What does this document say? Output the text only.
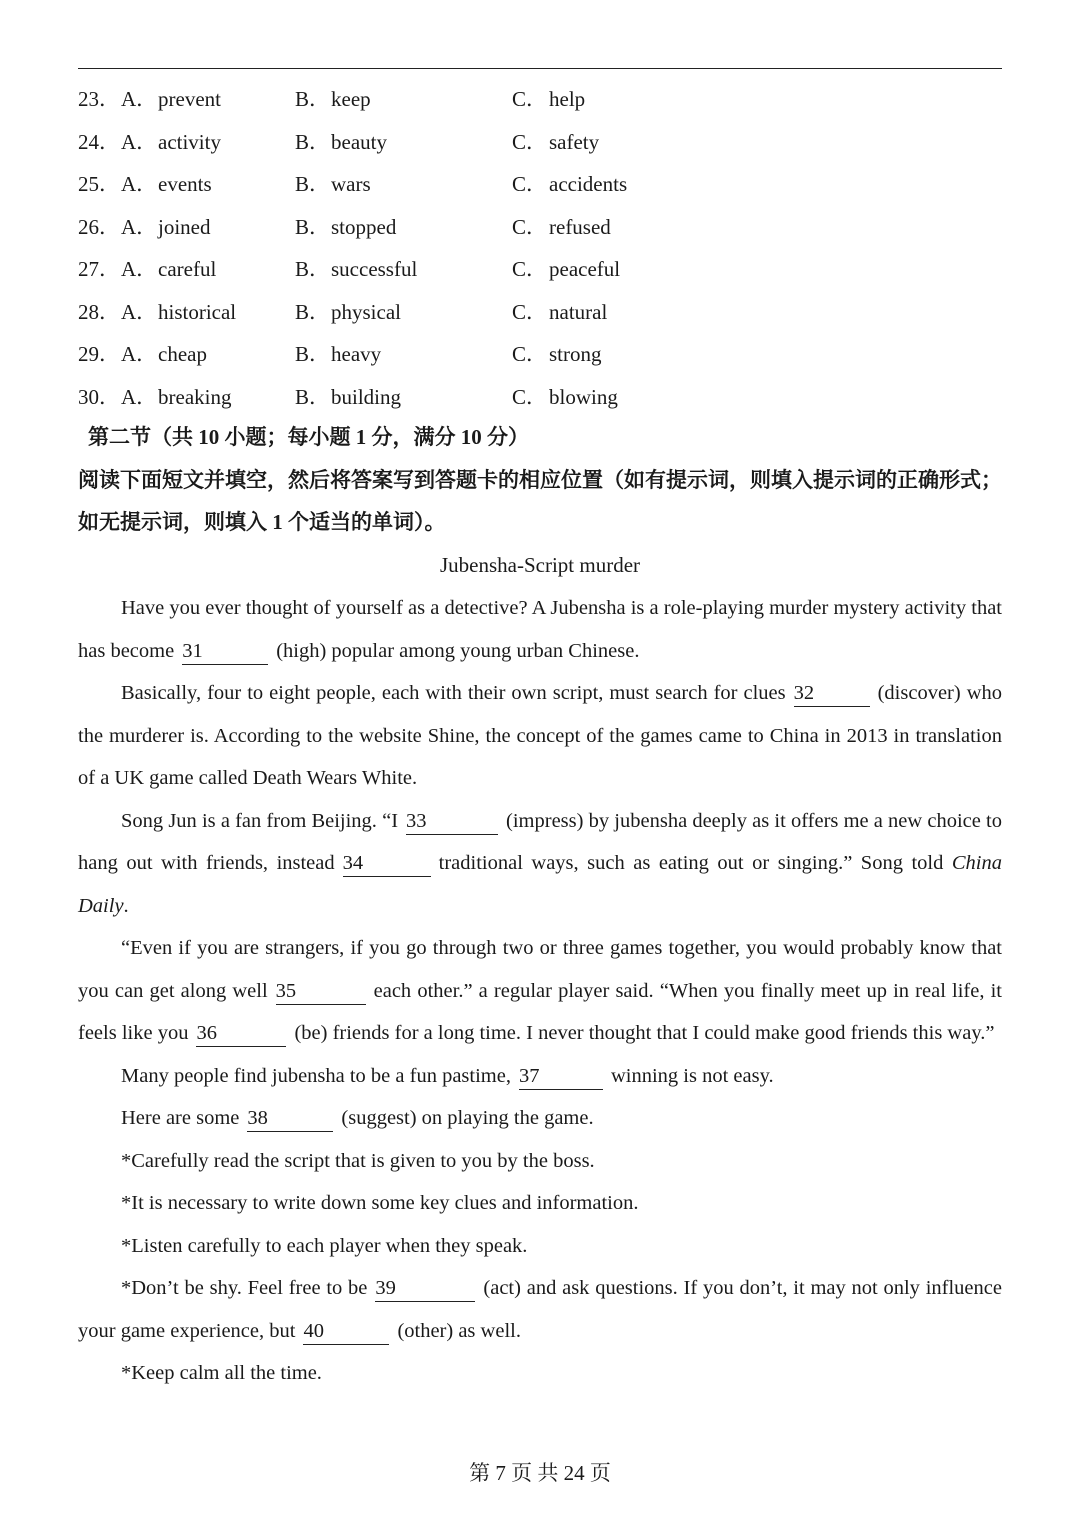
23． A． prevent	B． keep	C． help
24． A． activity	B． beauty	C． safety
25． A． events	B． wars	C． accidents
26． A． joined	B． stopped	C． refused
27． A． careful	B． successful	C． peaceful
28． A． historical	B． physical	C． natural
29． A． cheap	B． heavy	C． strong
30． A． breaking	B． building	C． blowing
第二节（共 10 小题；每小题 1 分，满分 10 分）
阅读下面短文并填空，然后将答案写到答题卡的相应位置（如有提示词，则填入提示词的正确形式；如无提示词，则填入 1 个适当的单词）。
Jubensha-Script murder

Have you ever thought of yourself as a detective? A Jubensha is a role-playing murder mystery activity that has become 31	(high) popular among young urban Chinese.

Basically, four to eight people, each with their own script, must search for clues 32	(discover) who the murderer is. According to the website Shine, the concept of the games came to China in 2013 in translation of a UK game called Death Wears White.

Song Jun is a fan from Beijing. “I 33	(impress) by jubensha deeply as it offers me a new choice to hang out with friends, instead 34	traditional ways, such as eating out or singing.” Song told China Daily.

“Even if you are strangers, if you go through two or three games together, you would probably know that you can get along well 35	each other.” a regular player said. “When you finally meet up in real life, it feels like you 36	(be) friends for a long time. I never thought that I could make good friends this way.”

Many people find jubensha to be a fun pastime, 37	winning is not easy.

Here are some 38	(suggest) on playing the game.

*Carefully read the script that is given to you by the boss.

*It is necessary to write down some key clues and information.

*Listen carefully to each player when they speak.

*Don’t be shy. Feel free to be 39	(act) and ask questions. If you don’t, it may not only influence your game experience, but 40	(other) as well.

*Keep calm all the time.

第 7 页 共 24 页
